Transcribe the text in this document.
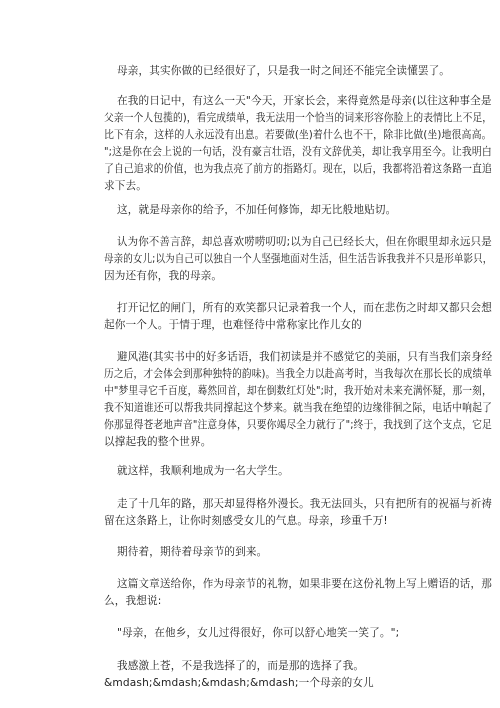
母亲，其实你做的已经很好了，只是我一时之间还不能完全读懂罢了。
在我的日记中，有这么一天"今天，开家长会，来得竟然是母亲(以往这种事全是
父亲一个人包揽的)，看完成绩单，我无法用一个恰当的词来形容你脸上的表情比上不足，
比下有余，这样的人永远没有出息。若要做(坐)着什么也不干，除非比做(坐)地很高高。
";这是你在会上说的一句话，没有豪言壮语，没有文辞优美，却让我享用至今。让我明白
了自己追求的价值，也为我点亮了前方的指路灯。现在，以后，我都将沿着这条路一直追
求下去。
这，就是母亲你的给予，不加任何修饰，却无比般地贴切。
认为你不善言辞，却总喜欢唠唠叨叨;以为自己已经长大，但在你眼里却永远只是
母亲的女儿;以为自己可以独自一个人坚强地面对生活，但生活告诉我我并不只是形单影只，
因为还有你，我的母亲。
打开记忆的闸门，所有的欢笑都只记录着我一个人，而在悲伤之时却又都只会想
起你一个人。于情于理，也难怪待中常称家比作儿女的
避风港(其实书中的好多话语，我们初读是并不感觉它的美丽，只有当我们亲身经
历之后，才会体会到那种独特的韵味)。当我全力以赴高考时，当我每次在那长长的成绩单
中"梦里寻它千百度，蓦然回首，却在倒数红灯处";时，我开始对未来充满怀疑，那一刻，
我不知道谁还可以帮我共同撑起这个梦来。就当我在绝望的边缘徘徊之际，电话中响起了
你那显得苍老地声音"注意身体，只要你竭尽全力就行了";终于，我找到了这个支点，它足
以撑起我的整个世界。
就这样，我顺利地成为一名大学生。
走了十几年的路，那天却显得格外漫长。我无法回头，只有把所有的祝福与祈祷
留在这条路上，让你时刻感受女儿的气息。母亲，珍重千万!
期待着，期待着母亲节的到来。
这篇文章送给你，作为母亲节的礼物，如果非要在这份礼物上写上赠语的话，那
么，我想说:
"母亲，在他乡，女儿过得很好，你可以舒心地笑一笑了。";
我感激上苍，不是我选择了的，而是那的选择了我。
&mdash;&mdash;&mdash;&mdash;一个母亲的女儿
